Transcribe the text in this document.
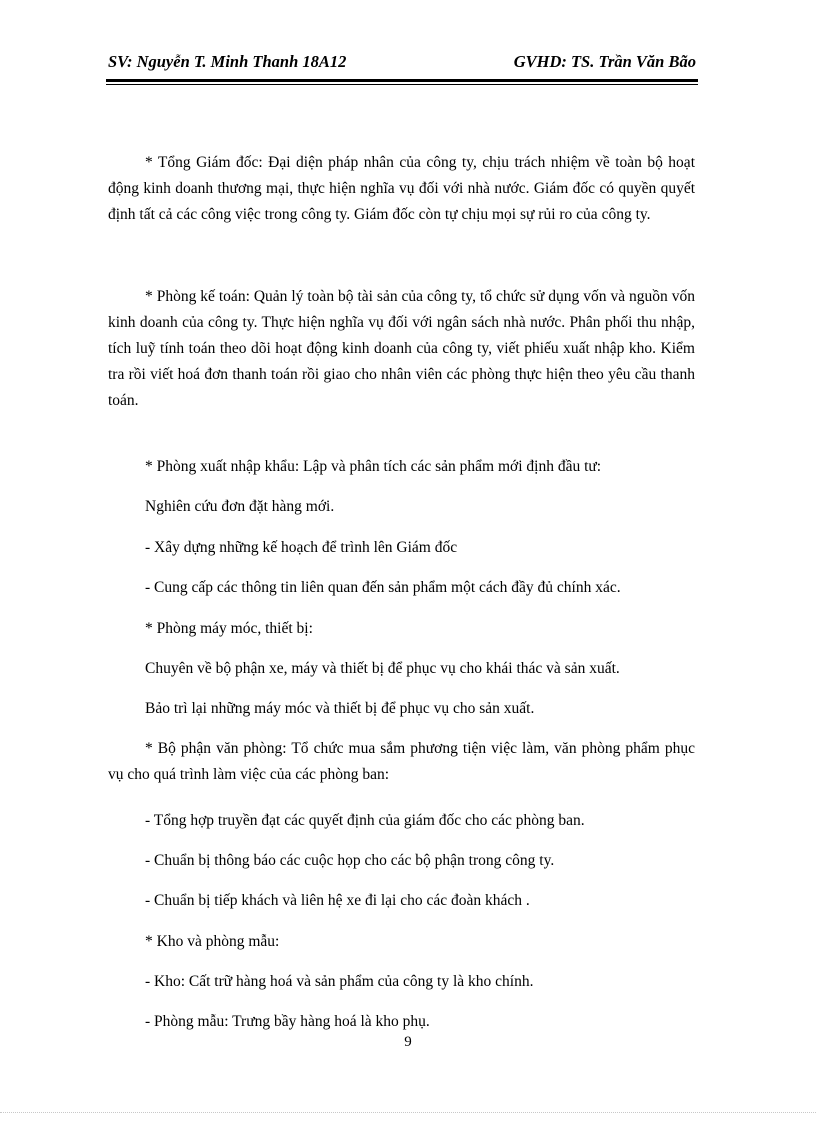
SV: Nguyễn T. Minh Thanh 18A12	GVHD: TS. Trần Văn Bão

* Tổng Giám đốc: Đại diện pháp nhân của công ty, chịu trách nhiệm về toàn bộ hoạt động kinh doanh thương mại, thực hiện nghĩa vụ đối với nhà nước. Giám đốc có quyền quyết định tất cả các công việc trong công ty. Giám đốc còn tự chịu mọi sự rủi ro của công ty.

* Phòng kế toán: Quản lý toàn bộ tài sản của công ty, tổ chức sử dụng vốn và nguồn vốn kinh doanh của công ty. Thực hiện nghĩa vụ đối với ngân sách nhà nước. Phân phối thu nhập, tích luỹ tính toán theo dõi hoạt động kinh doanh của công ty, viết phiếu xuất nhập kho. Kiểm tra rồi viết hoá đơn thanh toán rồi giao cho nhân viên các phòng thực hiện theo yêu cầu thanh toán.

* Phòng xuất nhập khẩu: Lập và phân tích các sản phẩm mới định đầu tư:

Nghiên cứu đơn đặt hàng mới.

- Xây dựng những kế hoạch để trình lên Giám đốc

- Cung cấp các thông tin liên quan đến sản phẩm một cách đầy đủ chính xác.

* Phòng máy móc, thiết bị:

Chuyên về bộ phận xe, máy và thiết bị để phục vụ cho khái thác và sản xuất.

Bảo trì lại những máy móc và thiết bị để phục vụ cho sản xuất.

* Bộ phận văn phòng: Tổ chức mua sắm phương tiện việc làm, văn phòng phẩm phục vụ cho quá trình làm việc của các phòng ban:

- Tổng hợp truyền đạt các quyết định của giám đốc cho các phòng ban.

- Chuẩn bị thông báo các cuộc họp cho các bộ phận trong công ty.

- Chuẩn bị tiếp khách và liên hệ xe đi lại cho các đoàn khách .

* Kho và phòng mẫu:

- Kho: Cất trữ hàng hoá và sản phẩm của công ty là kho chính.

- Phòng mẫu: Trưng bầy hàng hoá là kho phụ.

9
